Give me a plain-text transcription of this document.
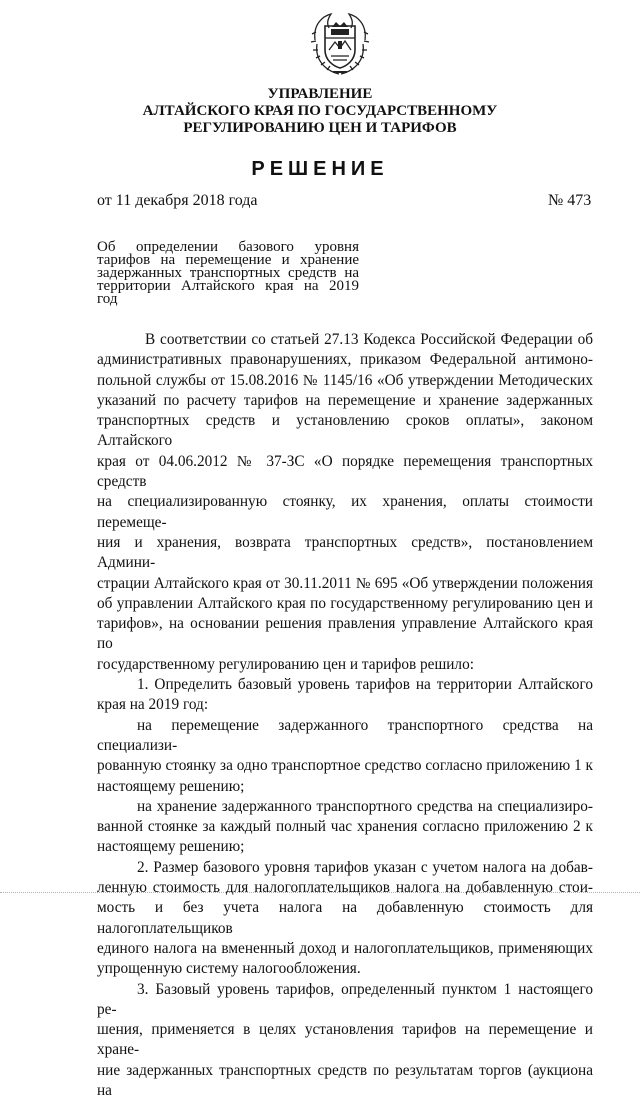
УПРАВЛЕНИЕ
АЛТАЙСКОГО КРАЯ ПО ГОСУДАРСТВЕННОМУ
РЕГУЛИРОВАНИЮ ЦЕН И ТАРИФОВ
РЕШЕНИЕ
от 11 декабря 2018 года	№ 473
Об определении базового уровня
тарифов на перемещение и хранение
задержанных транспортных средств на
территории Алтайского края на 2019
год
В соответствии со статьей 27.13 Кодекса Российской Федерации об
административных правонарушениях, приказом Федеральной антимоно-
польной службы от 15.08.2016 № 1145/16 «Об утверждении Методических
указаний по расчету тарифов на перемещение и хранение задержанных
транспортных средств и установлению сроков оплаты», законом Алтайского
края от 04.06.2012 № 37-ЗС «О порядке перемещения транспортных средств
на специализированную стоянку, их хранения, оплаты стоимости перемеще-
ния и хранения, возврата транспортных средств», постановлением Админи-
страции Алтайского края от 30.11.2011 № 695 «Об утверждении положения
об управлении Алтайского края по государственному регулированию цен и
тарифов», на основании решения правления управление Алтайского края по
государственному регулированию цен и тарифов решило:
1. Определить базовый уровень тарифов на территории Алтайского
края на 2019 год:
на перемещение задержанного транспортного средства на специализи-
рованную стоянку за одно транспортное средство согласно приложению 1 к
настоящему решению;
на хранение задержанного транспортного средства на специализиро-
ванной стоянке за каждый полный час хранения согласно приложению 2 к
настоящему решению;
2. Размер базового уровня тарифов указан с учетом налога на добав-
ленную стоимость для налогоплательщиков налога на добавленную стои-
мость и без учета налога на добавленную стоимость для налогоплательщиков
единого налога на вмененный доход и налогоплательщиков, применяющих
упрощенную систему налогообложения.
3. Базовый уровень тарифов, определенный пунктом 1 настоящего ре-
шения, применяется в целях установления тарифов на перемещение и хране-
ние задержанных транспортных средств по результатам торгов (аукциона на
